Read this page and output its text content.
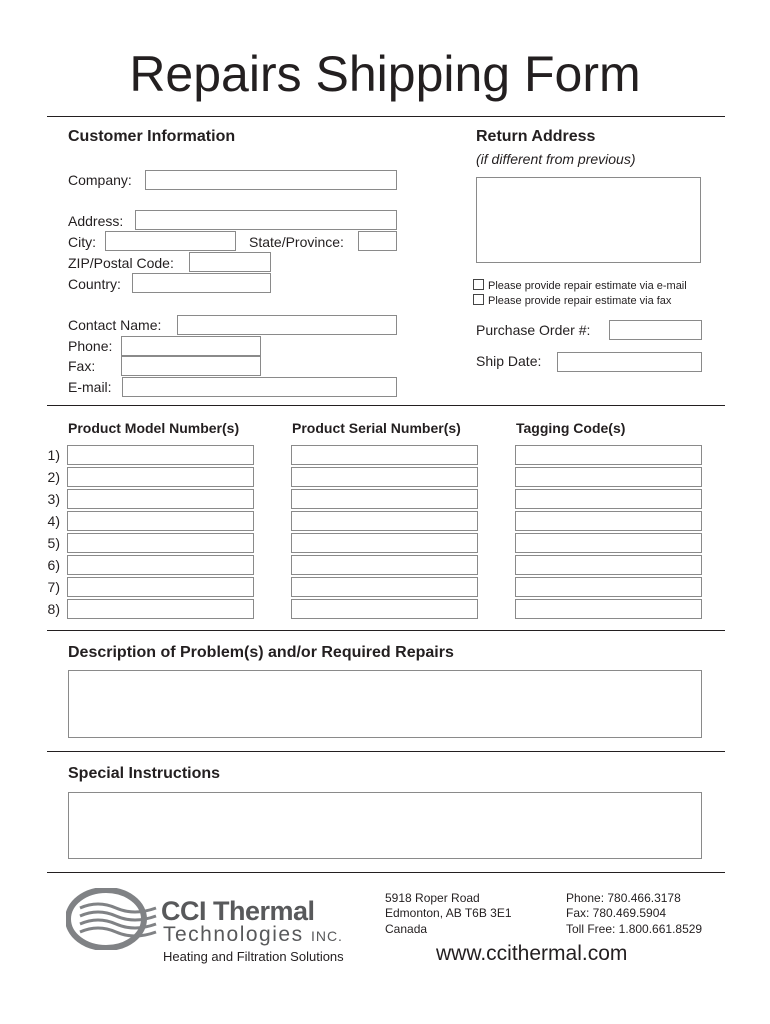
Repairs Shipping Form
Customer Information
Company:
Address:
City:	State/Province:
ZIP/Postal Code:
Country:
Contact Name:
Phone:
Fax:
E-mail:
Return Address
(if different from previous)
Please provide repair estimate via e-mail
Please provide repair estimate via fax
Purchase Order #:
Ship Date:
Product Model Number(s)	Product Serial Number(s)	Tagging Code(s)
1)
2)
3)
4)
5)
6)
7)
8)
Description of Problem(s) and/or Required Repairs
Special Instructions
CCI Thermal
Technologies INC.
Heating and Filtration Solutions
5918 Roper Road
Edmonton, AB T6B 3E1
Canada
Phone: 780.466.3178
Fax: 780.469.5904
Toll Free: 1.800.661.8529
www.ccithermal.com
